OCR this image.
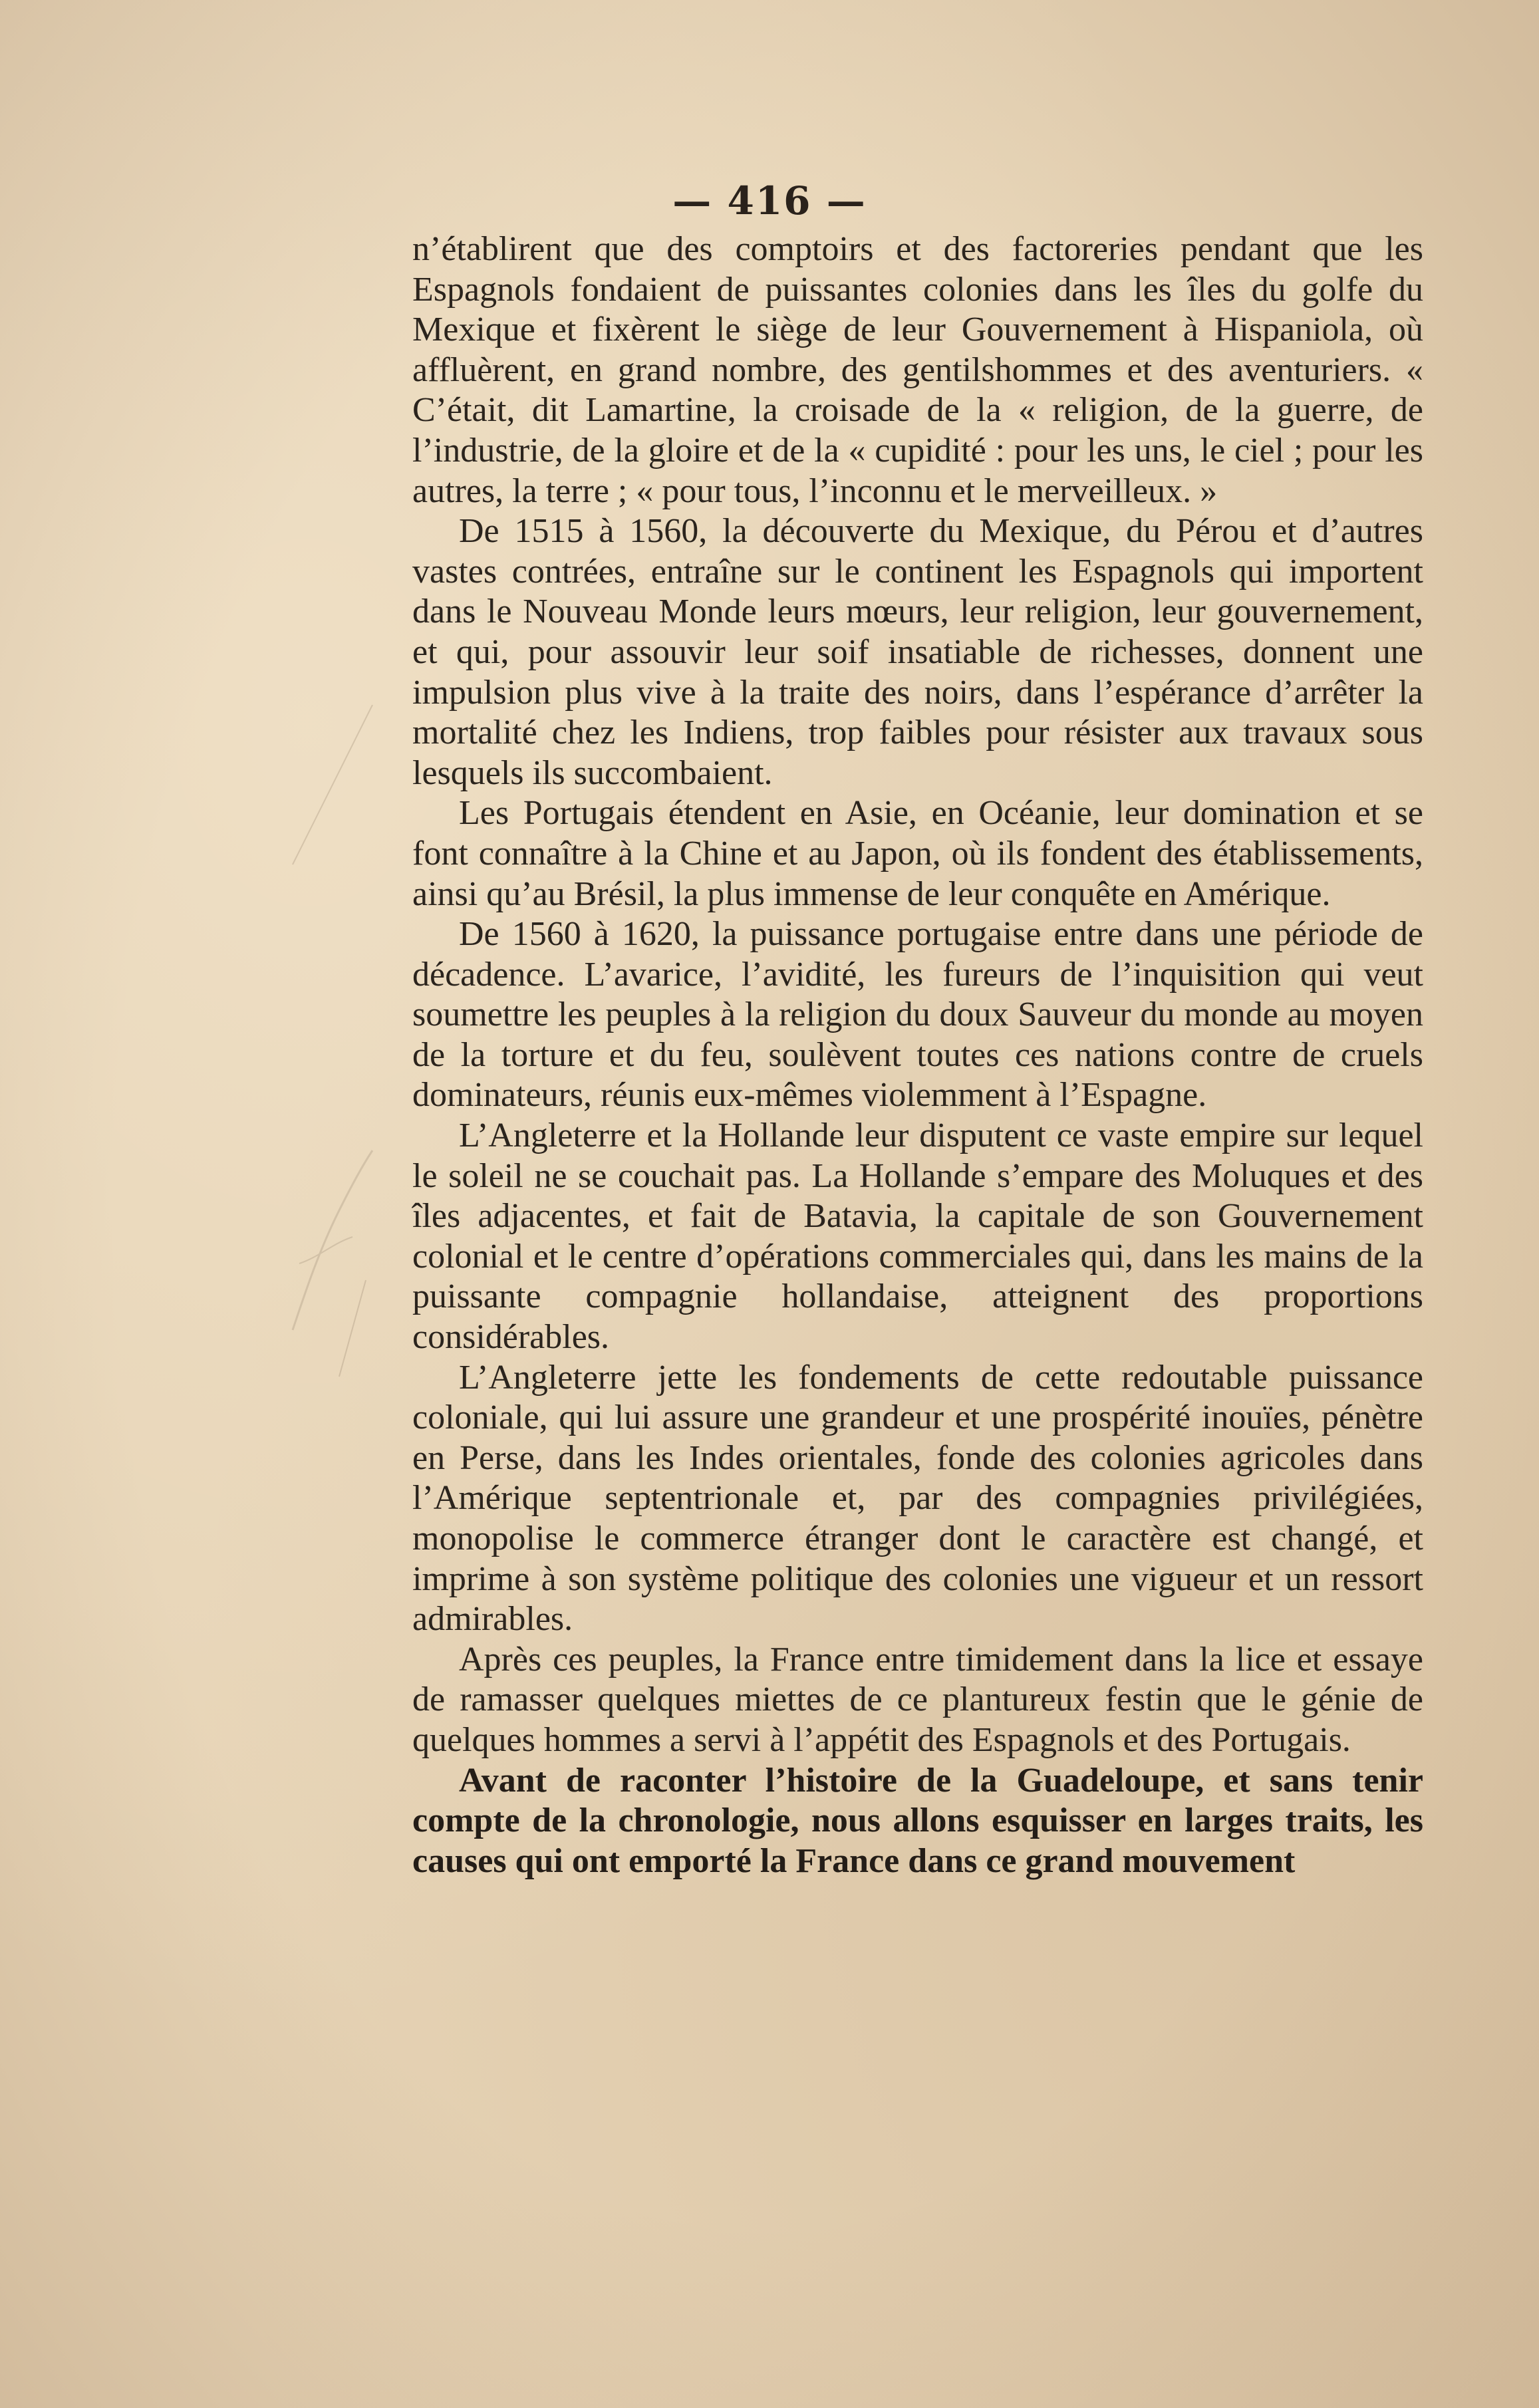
— 416 —

n’établirent que des comptoirs et des factoreries pendant que les Espagnols fondaient de puissantes colonies dans les îles du golfe du Mexique et fixèrent le siège de leur Gouvernement à Hispaniola, où affluèrent, en grand nombre, des gentilshommes et des aventuriers. « C’était, dit Lamartine, la croisade de la « religion, de la guerre, de l’industrie, de la gloire et de la « cupidité : pour les uns, le ciel ; pour les autres, la terre ; « pour tous, l’inconnu et le merveilleux. »

De 1515 à 1560, la découverte du Mexique, du Pérou et d’autres vastes contrées, entraîne sur le continent les Espagnols qui importent dans le Nouveau Monde leurs mœurs, leur religion, leur gouvernement, et qui, pour assouvir leur soif insatiable de richesses, donnent une impulsion plus vive à la traite des noirs, dans l’espérance d’arrêter la mortalité chez les Indiens, trop faibles pour résister aux travaux sous lesquels ils succombaient.

Les Portugais étendent en Asie, en Océanie, leur domination et se font connaître à la Chine et au Japon, où ils fondent des établissements, ainsi qu’au Brésil, la plus immense de leur conquête en Amérique.

De 1560 à 1620, la puissance portugaise entre dans une période de décadence. L’avarice, l’avidité, les fureurs de l’inquisition qui veut soumettre les peuples à la religion du doux Sauveur du monde au moyen de la torture et du feu, soulèvent toutes ces nations contre de cruels dominateurs, réunis eux-mêmes violemment à l’Espagne.

L’Angleterre et la Hollande leur disputent ce vaste empire sur lequel le soleil ne se couchait pas. La Hollande s’empare des Moluques et des îles adjacentes, et fait de Batavia, la capitale de son Gouvernement colonial et le centre d’opérations commerciales qui, dans les mains de la puissante compagnie hollandaise, atteignent des proportions considérables.

L’Angleterre jette les fondements de cette redoutable puissance coloniale, qui lui assure une grandeur et une prospérité inouïes, pénètre en Perse, dans les Indes orientales, fonde des colonies agricoles dans l’Amérique septentrionale et, par des compagnies privilégiées, monopolise le commerce étranger dont le caractère est changé, et imprime à son système politique des colonies une vigueur et un ressort admirables.

Après ces peuples, la France entre timidement dans la lice et essaye de ramasser quelques miettes de ce plantureux festin que le génie de quelques hommes a servi à l’appétit des Espagnols et des Portugais.

Avant de raconter l’histoire de la Guadeloupe, et sans tenir compte de la chronologie, nous allons esquisser en larges traits, les causes qui ont emporté la France dans ce grand mouvement
